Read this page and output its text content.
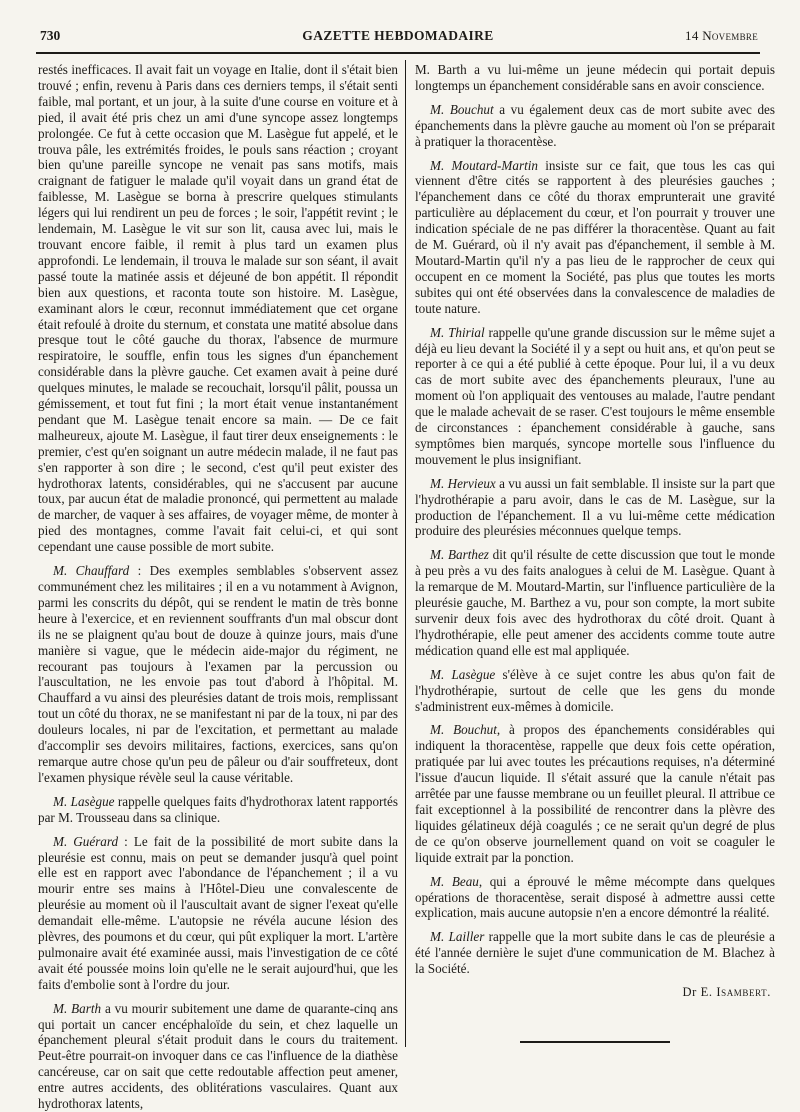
730	GAZETTE HEBDOMADAIRE	14 Novembre

restés inefficaces. Il avait fait un voyage en Italie, dont il s'était bien trouvé ; enfin, revenu à Paris dans ces derniers temps, il s'était senti faible, mal portant, et un jour, à la suite d'une course en voiture et à pied, il avait été pris chez un ami d'une syncope assez longtemps prolongée. Ce fut à cette occasion que M. Lasègue fut appelé, et le trouva pâle, les extrémités froides, le pouls sans réaction ; croyant bien qu'une pareille syncope ne venait pas sans motifs, mais craignant de fatiguer le malade qu'il voyait dans un grand état de faiblesse, M. Lasègue se borna à prescrire quelques stimulants légers qui lui rendirent un peu de forces ; le soir, l'appétit revint ; le lendemain, M. Lasègue le vit sur son lit, causa avec lui, mais le trouvant encore faible, il remit à plus tard un examen plus approfondi. Le lendemain, il trouva le malade sur son séant, il avait passé toute la matinée assis et déjeuné de bon appétit. Il répondit bien aux questions, et raconta toute son histoire. M. Lasègue, examinant alors le cœur, reconnut immédiatement que cet organe était refoulé à droite du sternum, et constata une matité absolue dans presque tout le côté gauche du thorax, l'absence de murmure respiratoire, le souffle, enfin tous les signes d'un épanchement considérable dans la plèvre gauche. Cet examen avait à peine duré quelques minutes, le malade se recouchait, lorsqu'il pâlit, poussa un gémissement, et tout fut fini ; la mort était venue instantanément pendant que M. Lasègue tenait encore sa main. — De ce fait malheureux, ajoute M. Lasègue, il faut tirer deux enseignements : le premier, c'est qu'en soignant un autre médecin malade, il ne faut pas s'en rapporter à son dire ; le second, c'est qu'il peut exister des hydrothorax latents, considérables, qui ne s'accusent par aucune toux, par aucun état de maladie prononcé, qui permettent au malade de marcher, de vaquer à ses affaires, de voyager même, de monter à pied des montagnes, comme l'avait fait celui-ci, et qui sont cependant une cause possible de mort subite.

M. Chauffard : Des exemples semblables s'observent assez communément chez les militaires ; il en a vu notamment à Avignon, parmi les conscrits du dépôt, qui se rendent le matin de très bonne heure à l'exercice, et en reviennent souffrants d'un mal obscur dont ils ne se plaignent qu'au bout de douze à quinze jours, mais d'une manière si vague, que le médecin aide-major du régiment, ne recourant pas toujours à l'examen par la percussion ou l'auscultation, ne les envoie pas tout d'abord à l'hôpital. M. Chauffard a vu ainsi des pleurésies datant de trois mois, remplissant tout un côté du thorax, ne se manifestant ni par de la toux, ni par des douleurs locales, ni par de l'excitation, et permettant au malade d'accomplir ses devoirs militaires, factions, exercices, sans qu'on remarque autre chose qu'un peu de pâleur ou d'air souffreteux, dont l'examen physique révèle seul la cause véritable.

M. Lasègue rappelle quelques faits d'hydrothorax latent rapportés par M. Trousseau dans sa clinique.

M. Guérard : Le fait de la possibilité de mort subite dans la pleurésie est connu, mais on peut se demander jusqu'à quel point elle est en rapport avec l'abondance de l'épanchement ; il a vu mourir entre ses mains à l'Hôtel-Dieu une convalescente de pleurésie au moment où il l'auscultait avant de signer l'exeat qu'elle demandait elle-même. L'autopsie ne révéla aucune lésion des plèvres, des poumons et du cœur, qui pût expliquer la mort. L'artère pulmonaire avait été examinée aussi, mais l'investigation de ce côté avait été poussée moins loin qu'elle ne le serait aujourd'hui, que les faits d'embolie sont à l'ordre du jour.

M. Barth a vu mourir subitement une dame de quarante-cinq ans qui portait un cancer encéphaloïde du sein, et chez laquelle un épanchement pleural s'était produit dans le cours du traitement. Peut-être pourrait-on invoquer dans ce cas l'influence de la diathèse cancéreuse, car on sait que cette redoutable affection peut amener, entre autres accidents, des oblitérations vasculaires. Quant aux hydrothorax latents,

M. Barth a vu lui-même un jeune médecin qui portait depuis longtemps un épanchement considérable sans en avoir conscience.

M. Bouchut a vu également deux cas de mort subite avec des épanchements dans la plèvre gauche au moment où l'on se préparait à pratiquer la thoracentèse.

M. Moutard-Martin insiste sur ce fait, que tous les cas qui viennent d'être cités se rapportent à des pleurésies gauches ; l'épanchement dans ce côté du thorax emprunterait une gravité particulière au déplacement du cœur, et l'on pourrait y trouver une indication spéciale de ne pas différer la thoracentèse. Quant au fait de M. Guérard, où il n'y avait pas d'épanchement, il semble à M. Moutard-Martin qu'il n'y a pas lieu de le rapprocher de ceux qui occupent en ce moment la Société, pas plus que toutes les morts subites qui ont été observées dans la convalescence de maladies de toute nature.

M. Thirial rappelle qu'une grande discussion sur le même sujet a déjà eu lieu devant la Société il y a sept ou huit ans, et qu'on peut se reporter à ce qui a été publié à cette époque. Pour lui, il a vu deux cas de mort subite avec des épanchements pleuraux, l'une au moment où l'on appliquait des ventouses au malade, l'autre pendant que le malade achevait de se raser. C'est toujours le même ensemble de circonstances : épanchement considérable à gauche, sans symptômes bien marqués, syncope mortelle sous l'influence du mouvement le plus insignifiant.

M. Hervieux a vu aussi un fait semblable. Il insiste sur la part que l'hydrothérapie a paru avoir, dans le cas de M. Lasègue, sur la production de l'épanchement. Il a vu lui-même cette médication produire des pleurésies méconnues quelque temps.

M. Barthez dit qu'il résulte de cette discussion que tout le monde à peu près a vu des faits analogues à celui de M. Lasègue. Quant à la remarque de M. Moutard-Martin, sur l'influence particulière de la pleurésie gauche, M. Barthez a vu, pour son compte, la mort subite survenir deux fois avec des hydrothorax du côté droit. Quant à l'hydrothérapie, elle peut amener des accidents comme toute autre médication quand elle est mal appliquée.

M. Lasègue s'élève à ce sujet contre les abus qu'on fait de l'hydrothérapie, surtout de celle que les gens du monde s'administrent eux-mêmes à domicile.

M. Bouchut, à propos des épanchements considérables qui indiquent la thoracentèse, rappelle que deux fois cette opération, pratiquée par lui avec toutes les précautions requises, n'a déterminé l'issue d'aucun liquide. Il s'était assuré que la canule n'était pas arrêtée par une fausse membrane ou un feuillet pleural. Il attribue ce fait exceptionnel à la possibilité de rencontrer dans la plèvre des liquides gélatineux déjà coagulés ; ce ne serait qu'un degré de plus de ce qu'on observe journellement quand on voit se coaguler le liquide extrait par la ponction.

M. Beau, qui a éprouvé le même mécompte dans quelques opérations de thoracentèse, serait disposé à admettre aussi cette explication, mais aucune autopsie n'en a encore démontré la réalité.

M. Lailler rappelle que la mort subite dans le cas de pleurésie a été l'année dernière le sujet d'une communication de M. Blachez à la Société.

Dr E. Isambert.
